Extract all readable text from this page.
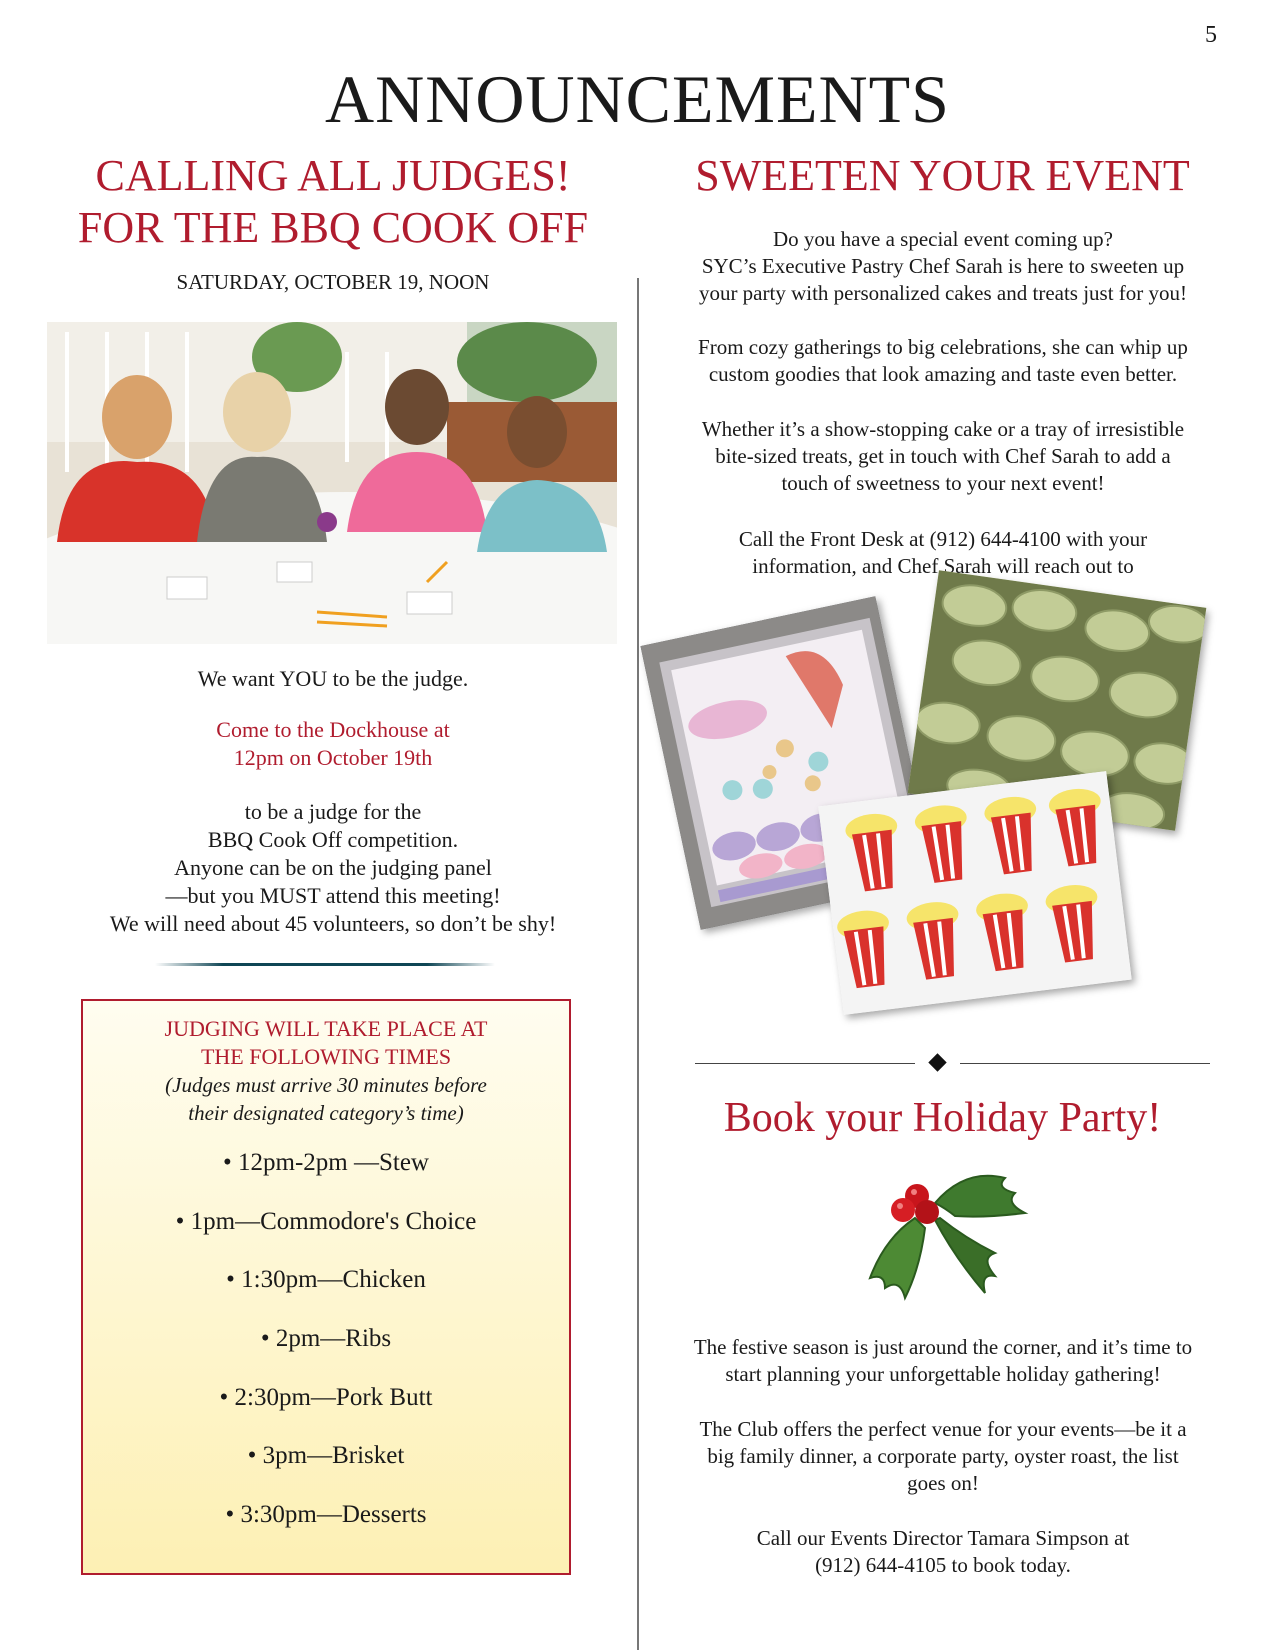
5
ANNOUNCEMENTS
CALLING ALL JUDGES!
FOR THE BBQ COOK OFF
SATURDAY, OCTOBER 19, NOON
We want YOU to be the judge.
Come to the Dockhouse at
12pm on October 19th
to be a judge for the
BBQ Cook Off competition.
Anyone can be on the judging panel
—but you MUST attend this meeting!
We will need about 45 volunteers, so don’t be shy!
JUDGING WILL TAKE PLACE AT
THE FOLLOWING TIMES
(Judges must arrive 30 minutes before
their designated category’s time)
• 12pm-2pm —Stew
• 1pm—Commodore's Choice
• 1:30pm—Chicken
• 2pm—Ribs
• 2:30pm—Pork Butt
• 3pm—Brisket
• 3:30pm—Desserts
SWEETEN YOUR EVENT
Do you have a special event coming up?
SYC’s Executive Pastry Chef Sarah is here to sweeten up
your party with personalized cakes and treats just for you!
From cozy gatherings to big celebrations, she can whip up
custom goodies that look amazing and taste even better.
Whether it’s a show-stopping cake or a tray of irresistible
bite-sized treats, get in touch with Chef Sarah to add a
touch of sweetness to your next event!
Call the Front Desk at (912) 644-4100 with your
information, and Chef Sarah will reach out to
Book your Holiday Party!
The festive season is just around the corner, and it’s time to
start planning your unforgettable holiday gathering!
The Club offers the perfect venue for your events—be it a
big family dinner, a corporate party, oyster roast, the list
goes on!
Call our Events Director Tamara Simpson at
(912) 644-4105 to book today.
